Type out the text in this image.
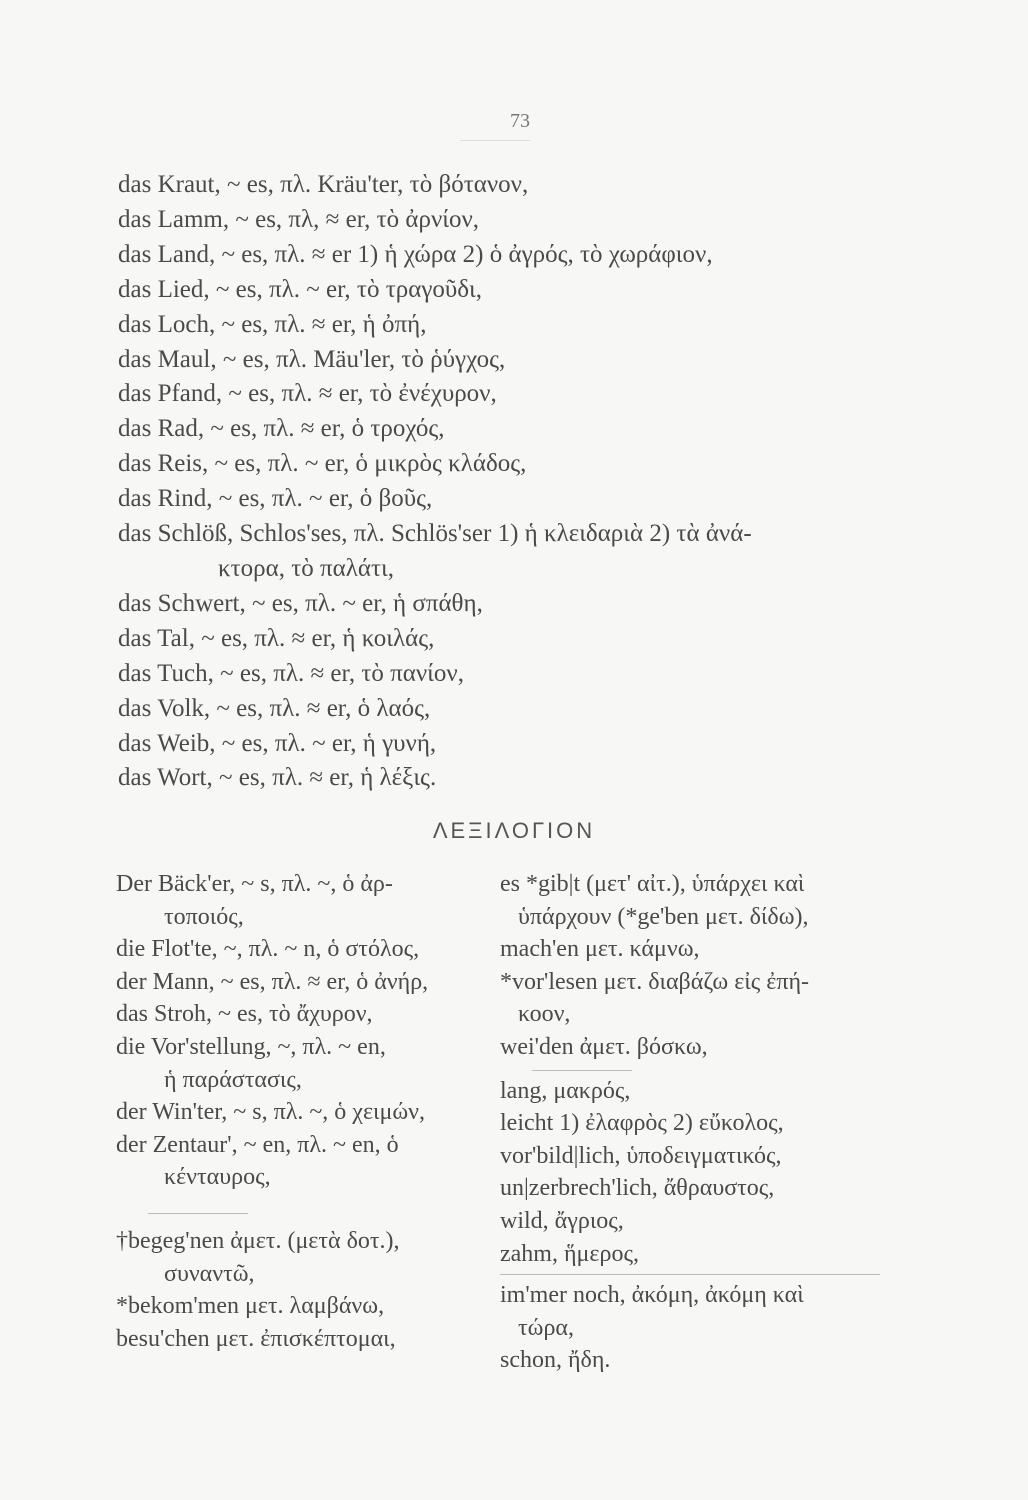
73
das Kraut, ~ es, πλ. Kräu'ter, τὸ βότανον,
das Lamm, ~ es, πλ, ≈ er, τὸ ἀρνίον,
das Land, ~ es, πλ. ≈ er 1) ἡ χώρα 2) ὁ ἀγρός, τὸ χωράφιον,
das Lied, ~ es, πλ. ~ er, τὸ τραγοῦδι,
das Loch, ~ es, πλ. ≈ er, ἡ ὀπή,
das Maul, ~ es, πλ. Mäu'ler, τὸ ῥύγχος,
das Pfand, ~ es, πλ. ≈ er, τὸ ἐνέχυρον,
das Rad, ~ es, πλ. ≈ er, ὁ τροχός,
das Reis, ~ es, πλ. ~ er, ὁ μικρὸς κλάδος,
das Rind, ~ es, πλ. ~ er, ὁ βοῦς,
das Schlöß, Schlos'ses, πλ. Schlös'ser 1) ἡ κλειδαριὰ 2) τὰ ἀνά-
κτορα, τὸ παλάτι,
das Schwert, ~ es, πλ. ~ er, ἡ σπάθη,
das Tal, ~ es, πλ. ≈ er, ἡ κοιλάς,
das Tuch, ~ es, πλ. ≈ er, τὸ πανίον,
das Volk, ~ es, πλ. ≈ er, ὁ λαός,
das Weib, ~ es, πλ. ~ er, ἡ γυνή,
das Wort, ~ es, πλ. ≈ er, ἡ λέξις.
ΛΕΞΙΛΟΓΙΟΝ
Der Bäck'er, ~ s, πλ. ~, ὁ ἀρ-
τοποιός,
die Flot'te, ~, πλ. ~ n, ὁ στόλος,
der Mann, ~ es, πλ. ≈ er, ὁ ἀνήρ,
das Stroh, ~ es, τὸ ἄχυρον,
die Vor'stellung, ~, πλ. ~ en,
ἡ παράστασις,
der Win'ter, ~ s, πλ. ~, ὁ χειμών,
der Zentaur', ~ en, πλ. ~ en, ὁ
κένταυρος,
†begeg'nen ἀμετ. (μετὰ δοτ.),
συναντῶ,
*bekom'men μετ. λαμβάνω,
besu'chen μετ. ἐπισκέπτομαι,
es *gib|t (μετ' αἰτ.), ὑπάρχει καὶ
ὑπάρχουν (*ge'ben μετ. δίδω),
mach'en μετ. κάμνω,
*vor'lesen μετ. διαβάζω εἰς ἐπή-
κοον,
wei'den ἀμετ. βόσκω,
lang, μακρός,
leicht 1) ἐλαφρὸς 2) εὔκολος,
vor'bild|lich, ὑποδειγματικός,
un|zerbrech'lich, ἄθραυστος,
wild, ἄγριος,
zahm, ἥμερος,
im'mer noch, ἀκόμη, ἀκόμη καὶ
τώρα,
schon, ἤδη.
